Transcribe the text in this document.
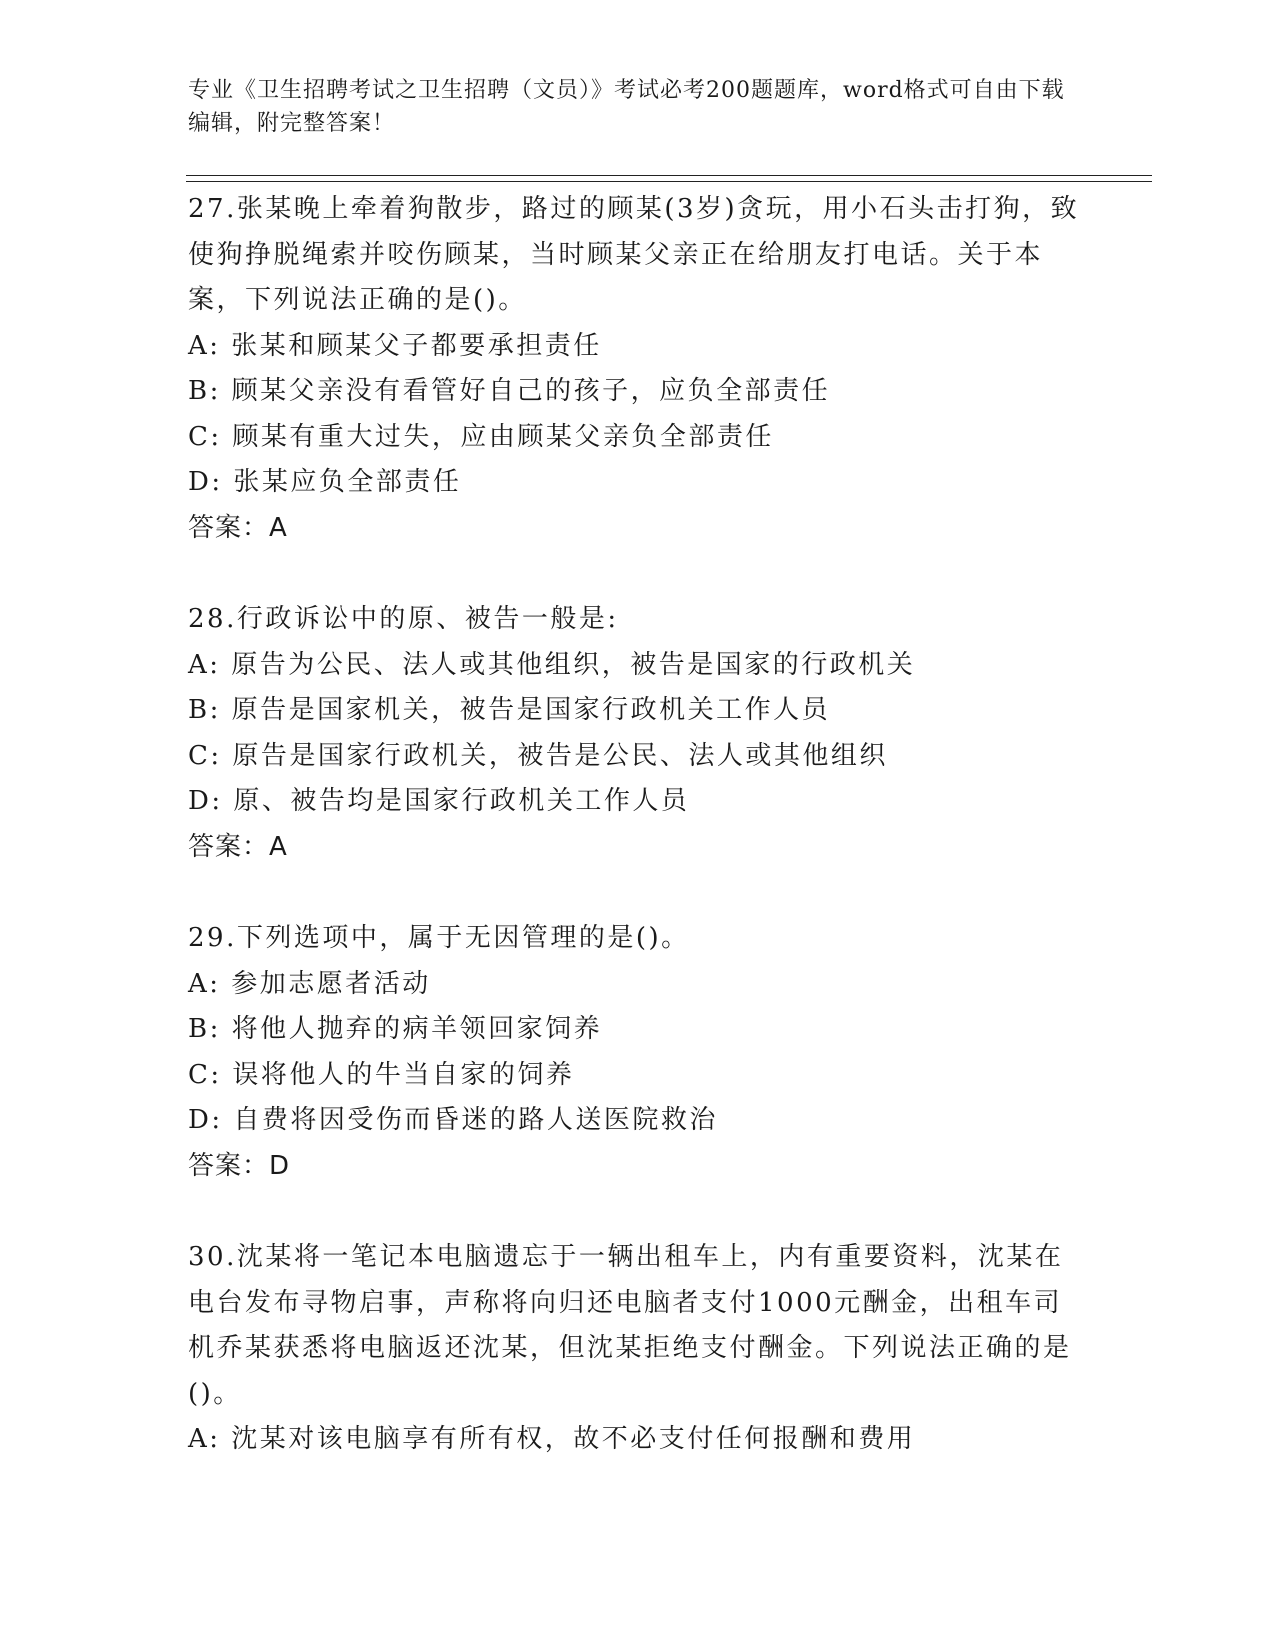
专业《卫生招聘考试之卫生招聘（文员）》考试必考200题题库，word格式可自由下载编辑，附完整答案！

27.张某晚上牵着狗散步，路过的顾某(3岁)贪玩，用小石头击打狗，致使狗挣脱绳索并咬伤顾某，当时顾某父亲正在给朋友打电话。关于本案，下列说法正确的是()。

A: 张某和顾某父子都要承担责任

B: 顾某父亲没有看管好自己的孩子，应负全部责任

C: 顾某有重大过失，应由顾某父亲负全部责任

D: 张某应负全部责任

答案：A

28.行政诉讼中的原、被告一般是:

A: 原告为公民、法人或其他组织，被告是国家的行政机关

B: 原告是国家机关，被告是国家行政机关工作人员

C: 原告是国家行政机关，被告是公民、法人或其他组织

D: 原、被告均是国家行政机关工作人员

答案：A

29.下列选项中，属于无因管理的是()。

A: 参加志愿者活动

B: 将他人抛弃的病羊领回家饲养

C: 误将他人的牛当自家的饲养

D: 自费将因受伤而昏迷的路人送医院救治

答案：D

30.沈某将一笔记本电脑遗忘于一辆出租车上，内有重要资料，沈某在电台发布寻物启事，声称将向归还电脑者支付1000元酬金，出租车司机乔某获悉将电脑返还沈某，但沈某拒绝支付酬金。下列说法正确的是()。

A: 沈某对该电脑享有所有权，故不必支付任何报酬和费用
